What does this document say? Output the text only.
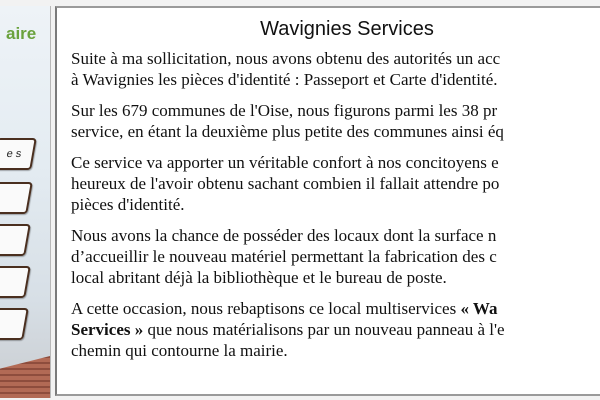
aire
e s
Wavignies Services

Suite à ma sollicitation, nous avons obtenu des autorités un acc
à Wavignies les pièces d'identité : Passeport et Carte d'identité.

Sur les 679 communes de l'Oise, nous figurons parmi les 38 pr
service, en étant la deuxième plus petite des communes ainsi éq

Ce service va apporter un véritable confort à nos concitoyens e
heureux de l'avoir obtenu sachant combien il fallait attendre po
pièces d'identité.

Nous avons la chance de posséder des locaux dont la surface n
d’accueillir le nouveau matériel permettant la fabrication des c
local abritant déjà la bibliothèque et le bureau de poste.

A cette occasion, nous rebaptisons ce local multiservices « Wa
Services » que nous matérialisons par un nouveau panneau à l'e
chemin qui contourne la mairie.
